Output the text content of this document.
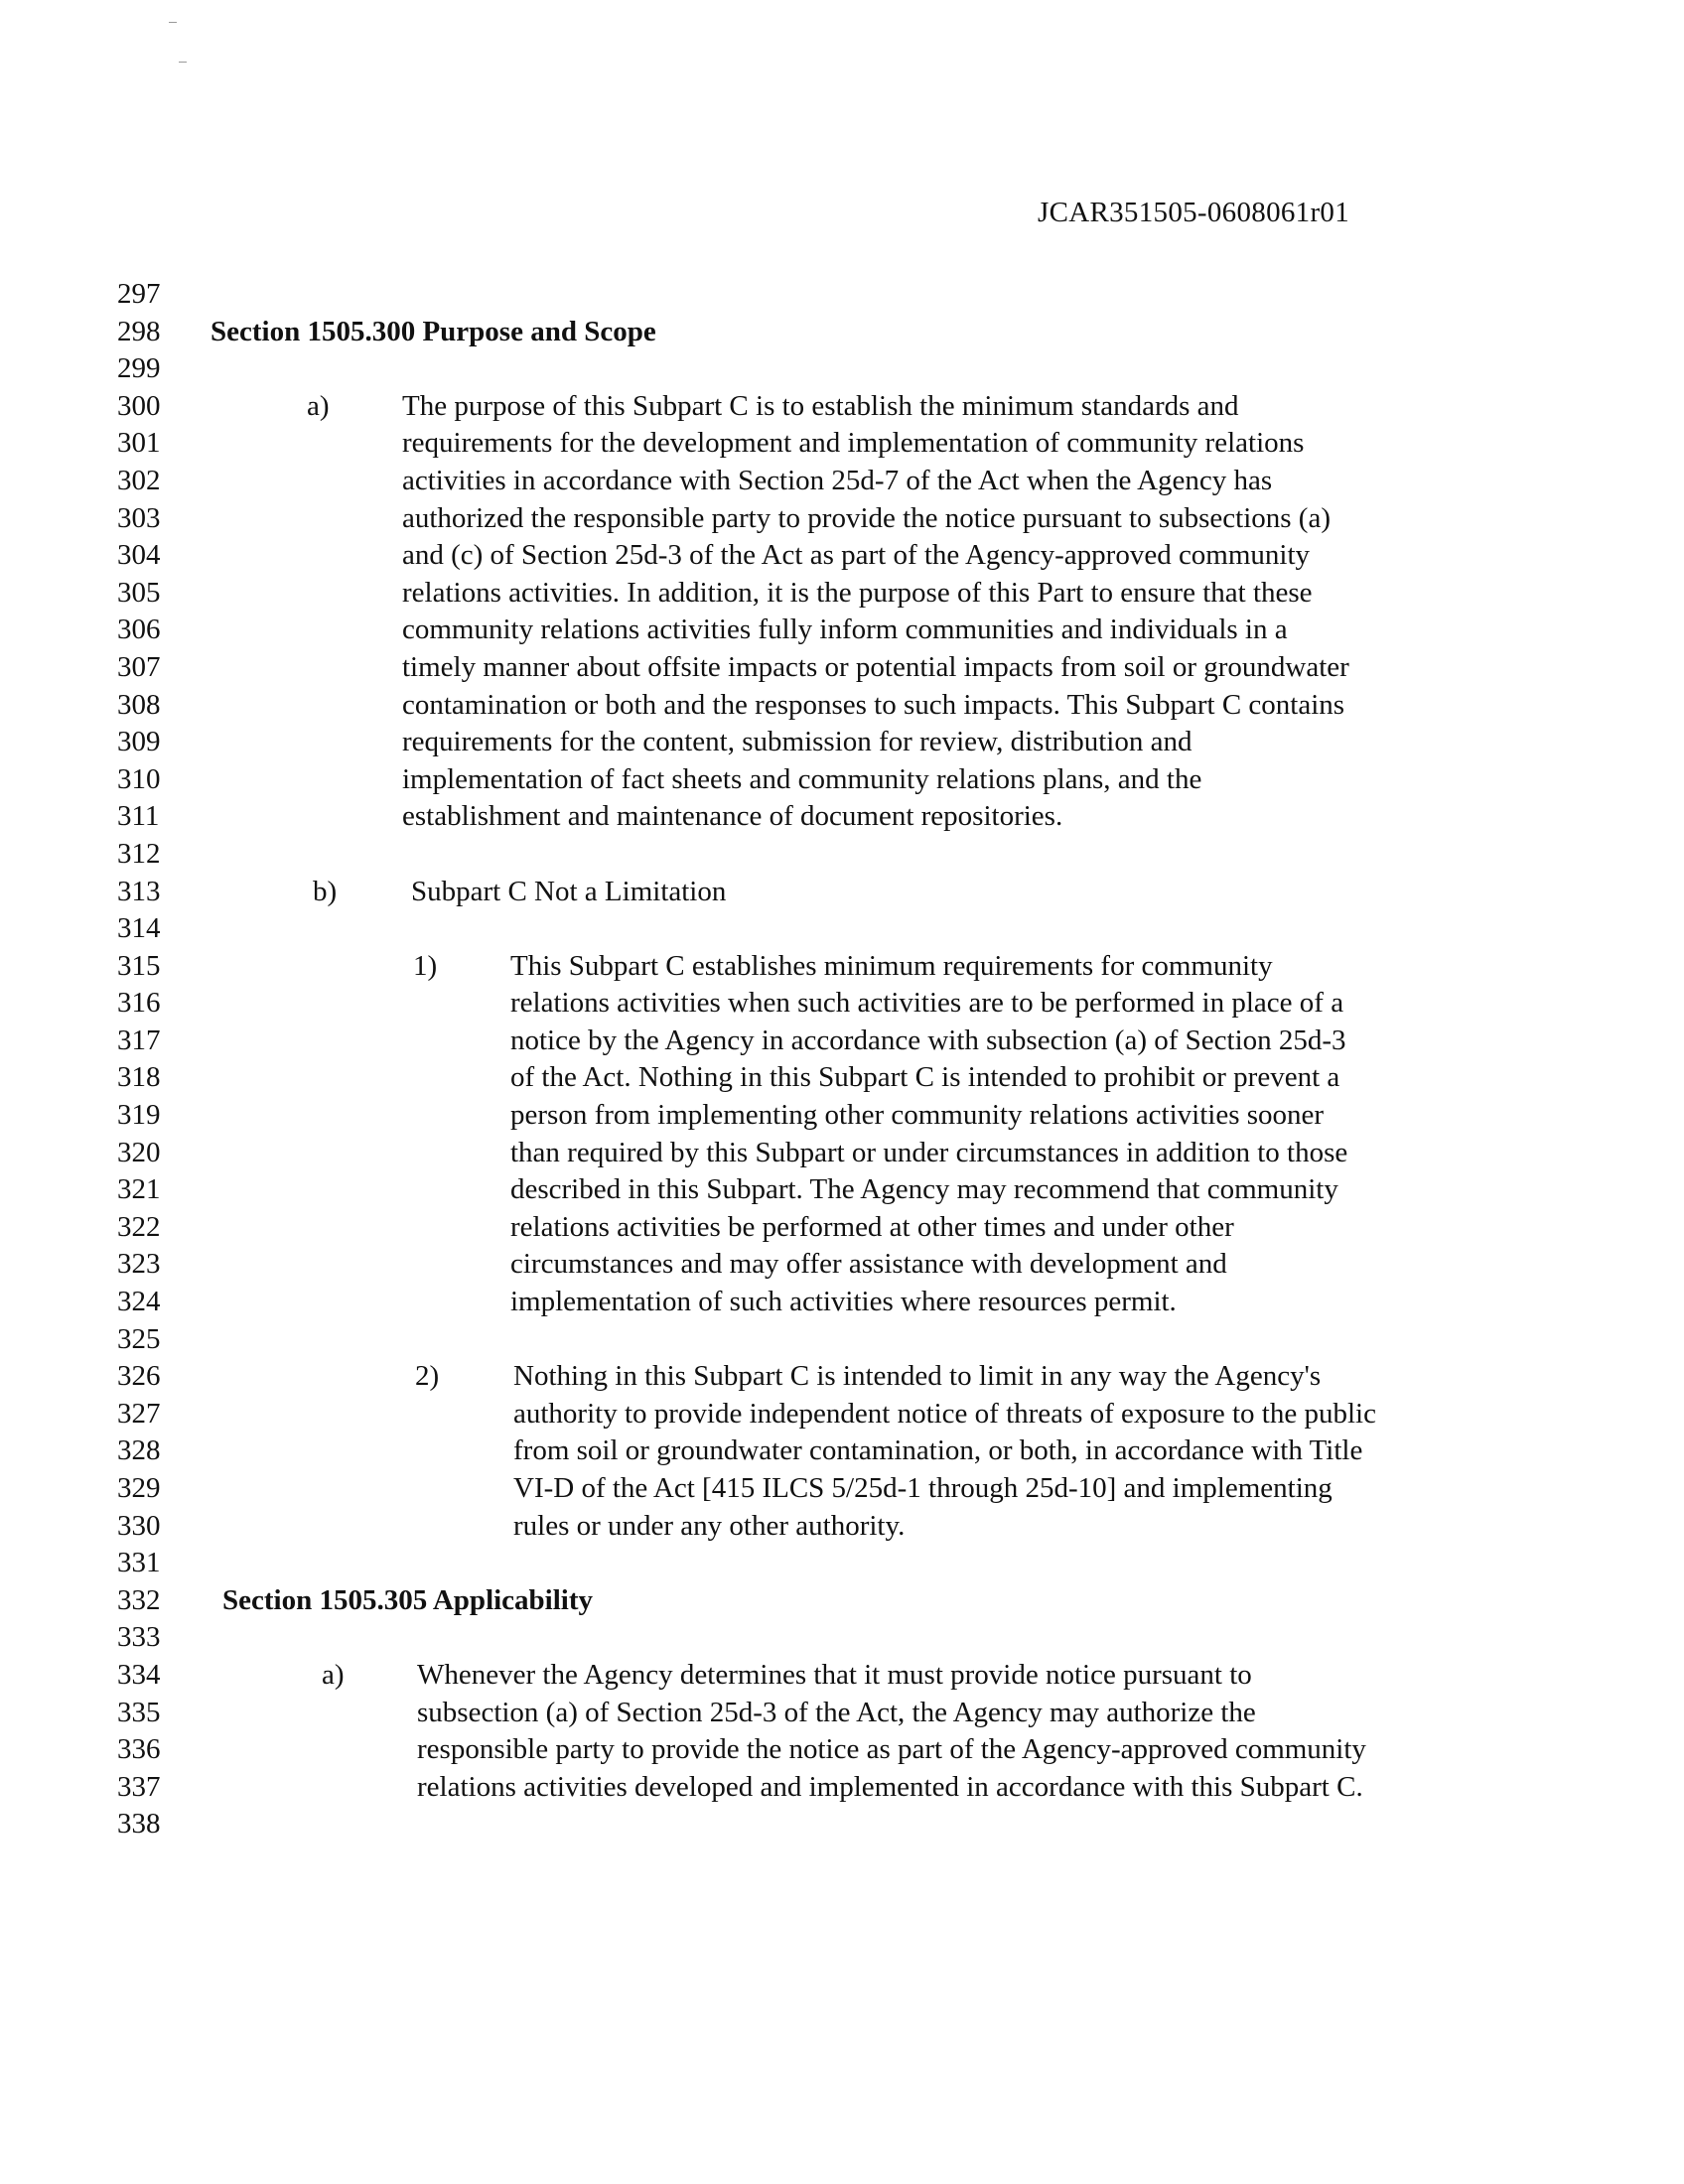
JCAR351505-0608061r01
297
298	Section 1505.300 Purpose and Scope
299
300	a)	The purpose of this Subpart C is to establish the minimum standards and
301	requirements for the development and implementation of community relations
302	activities in accordance with Section 25d-7 of the Act when the Agency has
303	authorized the responsible party to provide the notice pursuant to subsections (a)
304	and (c) of Section 25d-3 of the Act as part of the Agency-approved community
305	relations activities. In addition, it is the purpose of this Part to ensure that these
306	community relations activities fully inform communities and individuals in a
307	timely manner about offsite impacts or potential impacts from soil or groundwater
308	contamination or both and the responses to such impacts. This Subpart C contains
309	requirements for the content, submission for review, distribution and
310	implementation of fact sheets and community relations plans, and the
311	establishment and maintenance of document repositories.
312
313	b)	Subpart C Not a Limitation
314
315	1)	This Subpart C establishes minimum requirements for community
316	relations activities when such activities are to be performed in place of a
317	notice by the Agency in accordance with subsection (a) of Section 25d-3
318	of the Act. Nothing in this Subpart C is intended to prohibit or prevent a
319	person from implementing other community relations activities sooner
320	than required by this Subpart or under circumstances in addition to those
321	described in this Subpart. The Agency may recommend that community
322	relations activities be performed at other times and under other
323	circumstances and may offer assistance with development and
324	implementation of such activities where resources permit.
325
326	2)	Nothing in this Subpart C is intended to limit in any way the Agency's
327	authority to provide independent notice of threats of exposure to the public
328	from soil or groundwater contamination, or both, in accordance with Title
329	VI-D of the Act [415 ILCS 5/25d-1 through 25d-10] and implementing
330	rules or under any other authority.
331
332	Section 1505.305 Applicability
333
334	a)	Whenever the Agency determines that it must provide notice pursuant to
335	subsection (a) of Section 25d-3 of the Act, the Agency may authorize the
336	responsible party to provide the notice as part of the Agency-approved community
337	relations activities developed and implemented in accordance with this Subpart C.
338
